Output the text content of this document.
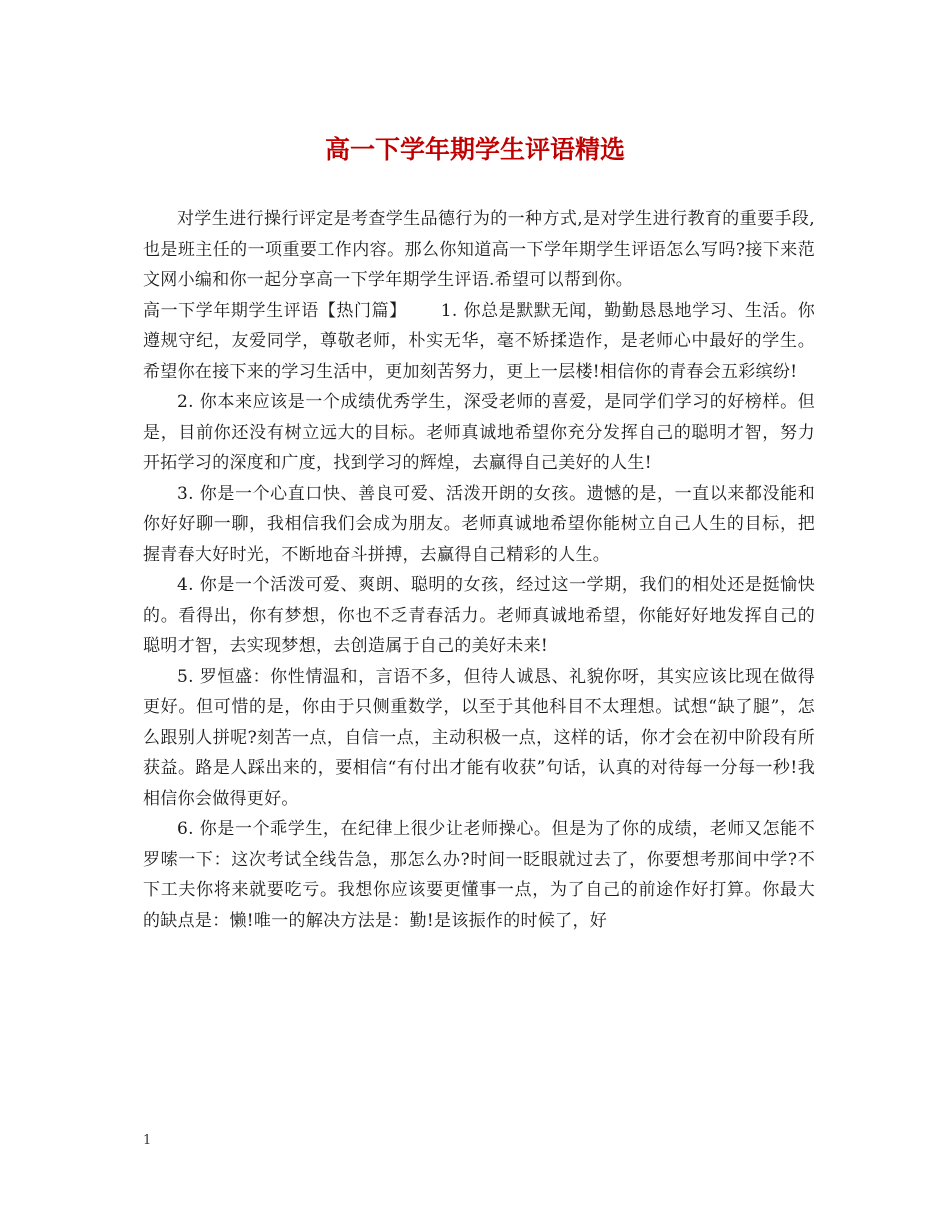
高一下学年期学生评语精选

对学生进行操行评定是考查学生品德行为的一种方式,是对学生进行教育的重要手段,也是班主任的一项重要工作内容。那么你知道高一下学年期学生评语怎么写吗?接下来范文网小编和你一起分享高一下学年期学生评语.希望可以帮到你。

高一下学年期学生评语【热门篇】 1. 你总是默默无闻，勤勤恳恳地学习、生活。你遵规守纪，友爱同学，尊敬老师，朴实无华，毫不矫揉造作，是老师心中最好的学生。希望你在接下来的学习生活中，更加刻苦努力，更上一层楼!相信你的青春会五彩缤纷!

2. 你本来应该是一个成绩优秀学生，深受老师的喜爱，是同学们学习的好榜样。但是，目前你还没有树立远大的目标。老师真诚地希望你充分发挥自己的聪明才智，努力开拓学习的深度和广度，找到学习的辉煌，去赢得自己美好的人生!

3. 你是一个心直口快、善良可爱、活泼开朗的女孩。遗憾的是，一直以来都没能和你好好聊一聊，我相信我们会成为朋友。老师真诚地希望你能树立自己人生的目标，把握青春大好时光，不断地奋斗拼搏，去赢得自己精彩的人生。

4. 你是一个活泼可爱、爽朗、聪明的女孩，经过这一学期，我们的相处还是挺愉快的。看得出，你有梦想，你也不乏青春活力。老师真诚地希望，你能好好地发挥自己的聪明才智，去实现梦想，去创造属于自己的美好未来!

5. 罗恒盛：你性情温和，言语不多，但待人诚恳、礼貌你呀，其实应该比现在做得更好。但可惜的是，你由于只侧重数学，以至于其他科目不太理想。试想“缺了腿”，怎么跟别人拼呢?刻苦一点，自信一点，主动积极一点，这样的话，你才会在初中阶段有所获益。路是人踩出来的，要相信“有付出才能有收获”句话，认真的对待每一分每一秒!我相信你会做得更好。

6. 你是一个乖学生，在纪律上很少让老师操心。但是为了你的成绩，老师又怎能不罗嗦一下：这次考试全线告急，那怎么办?时间一眨眼就过去了，你要想考那间中学?不下工夫你将来就要吃亏。我想你应该要更懂事一点，为了自己的前途作好打算。你最大的缺点是：懒!唯一的解决方法是：勤!是该振作的时候了，好

1
